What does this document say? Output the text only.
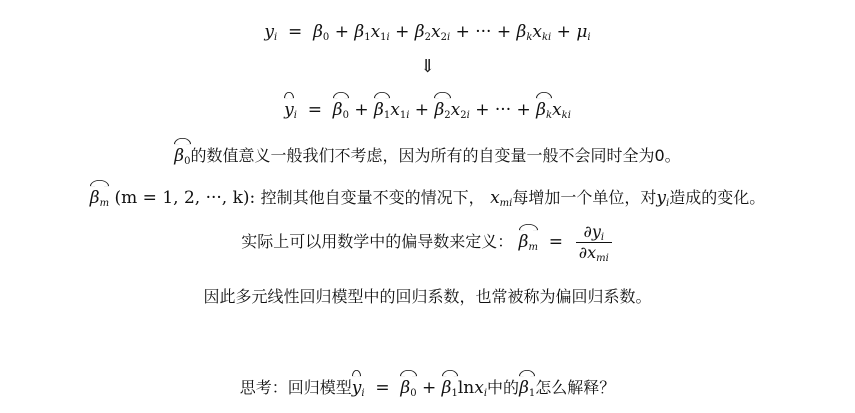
$y_i = \beta_0 + \beta_1x_{1i} + \beta_2x_{2i}$ + ··· + $\beta_kx_{ki} + \mu_i$
⇓
$y_i = \beta_0 + \beta_1x_{1i} + \beta_2x_{2i}$ + ··· + $\beta_kx_{ki}$
$\beta_0$的数值意义一般我们不考虑，因为所有的自变量一般不会同时全为0。
$\beta_m$ (m = 1, 2, ···, k): 控制其他自变量不变的情况下， $x_{mi}$每增加一个单位，对$y_i$造成的变化。
实际上可以用数学中的偏导数来定义： $\beta_m = \frac{\partial y_i}{\partial x_{mi}}$
因此多元线性回归模型中的回归系数，也常被称为偏回归系数。
思考：回归模型$y_i = \beta_0 + \beta_1\ln x_i$中的$\beta_1$怎么解释？
